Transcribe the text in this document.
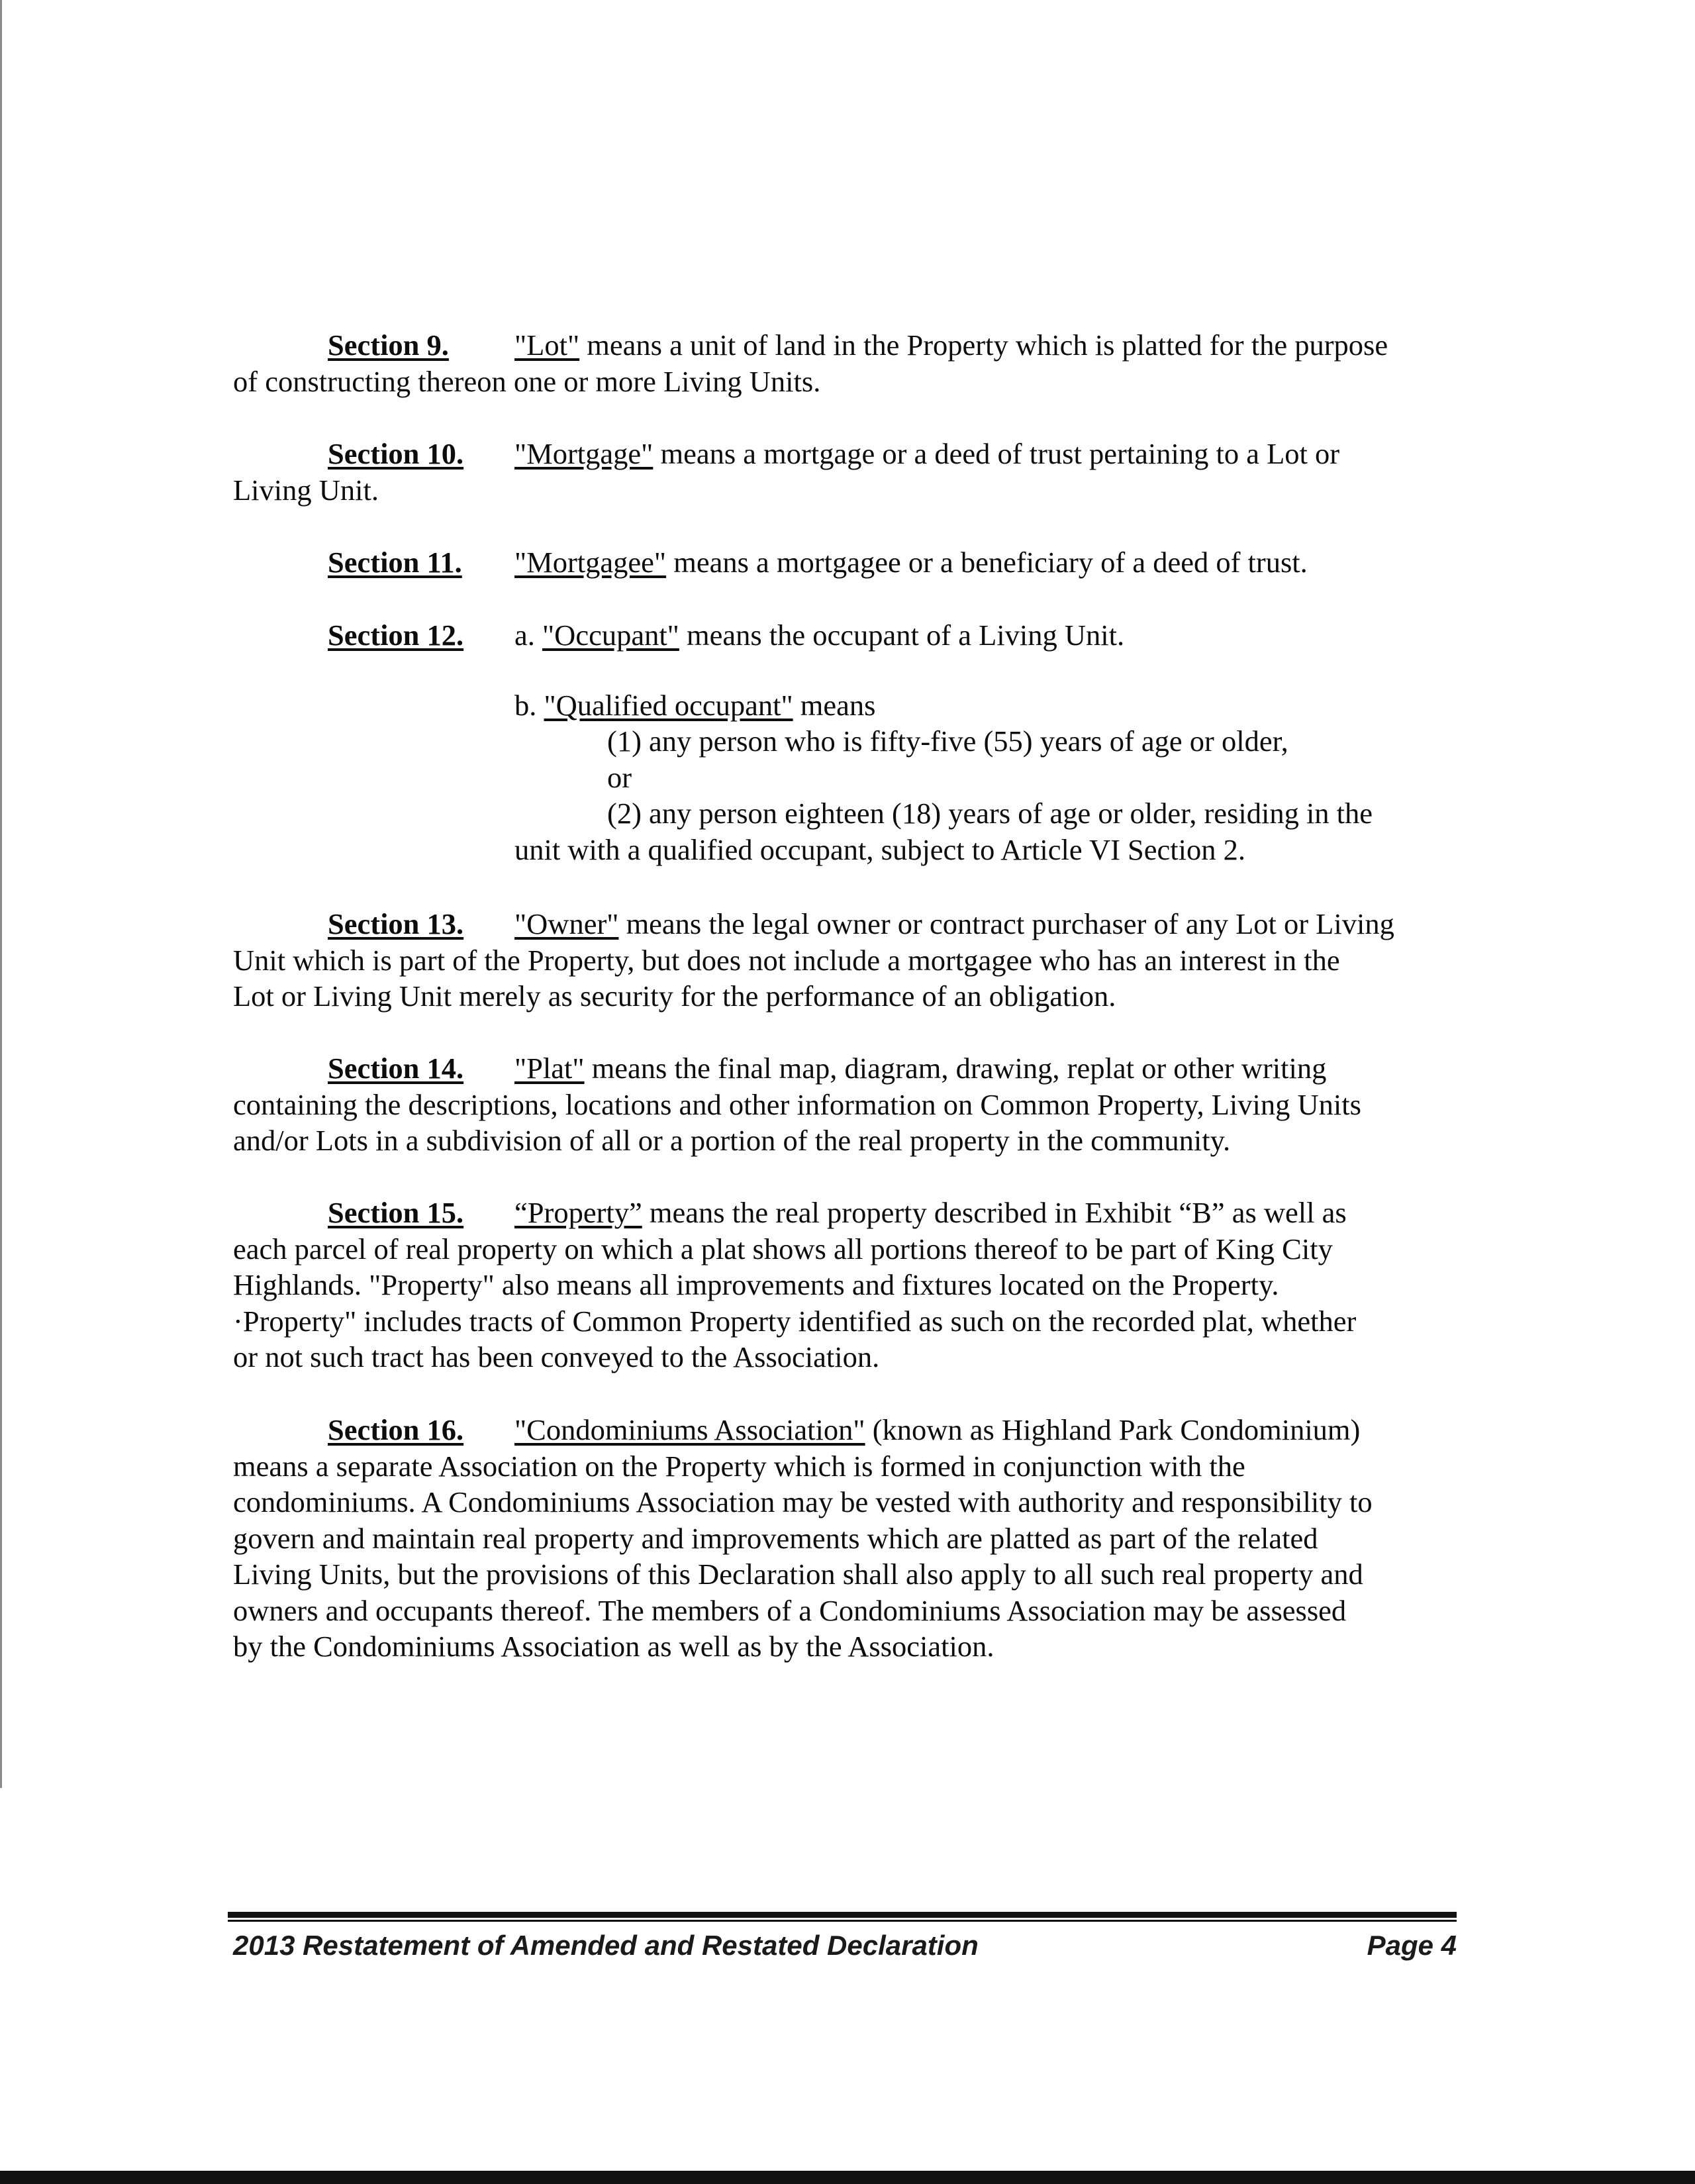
Section 9. "Lot" means a unit of land in the Property which is platted for the purpose
of constructing thereon one or more Living Units.
Section 10. "Mortgage" means a mortgage or a deed of trust pertaining to a Lot or
Living Unit.
Section 11. "Mortgagee" means a mortgagee or a beneficiary of a deed of trust.
Section 12. a. "Occupant" means the occupant of a Living Unit.
b. "Qualified occupant" means
(1) any person who is fifty-five (55) years of age or older,
or
(2) any person eighteen (18) years of age or older, residing in the
unit with a qualified occupant, subject to Article VI Section 2.
Section 13. "Owner" means the legal owner or contract purchaser of any Lot or Living
Unit which is part of the Property, but does not include a mortgagee who has an interest in the
Lot or Living Unit merely as security for the performance of an obligation.
Section 14. "Plat" means the final map, diagram, drawing, replat or other writing
containing the descriptions, locations and other information on Common Property, Living Units
and/or Lots in a subdivision of all or a portion of the real property in the community.
Section 15. “Property” means the real property described in Exhibit “B” as well as
each parcel of real property on which a plat shows all portions thereof to be part of King City
Highlands. "Property" also means all improvements and fixtures located on the Property.
·Property" includes tracts of Common Property identified as such on the recorded plat, whether
or not such tract has been conveyed to the Association.
Section 16. "Condominiums Association" (known as Highland Park Condominium)
means a separate Association on the Property which is formed in conjunction with the
condominiums. A Condominiums Association may be vested with authority and responsibility to
govern and maintain real property and improvements which are platted as part of the related
Living Units, but the provisions of this Declaration shall also apply to all such real property and
owners and occupants thereof. The members of a Condominiums Association may be assessed
by the Condominiums Association as well as by the Association.
2013 Restatement of Amended and Restated Declaration	Page 4
